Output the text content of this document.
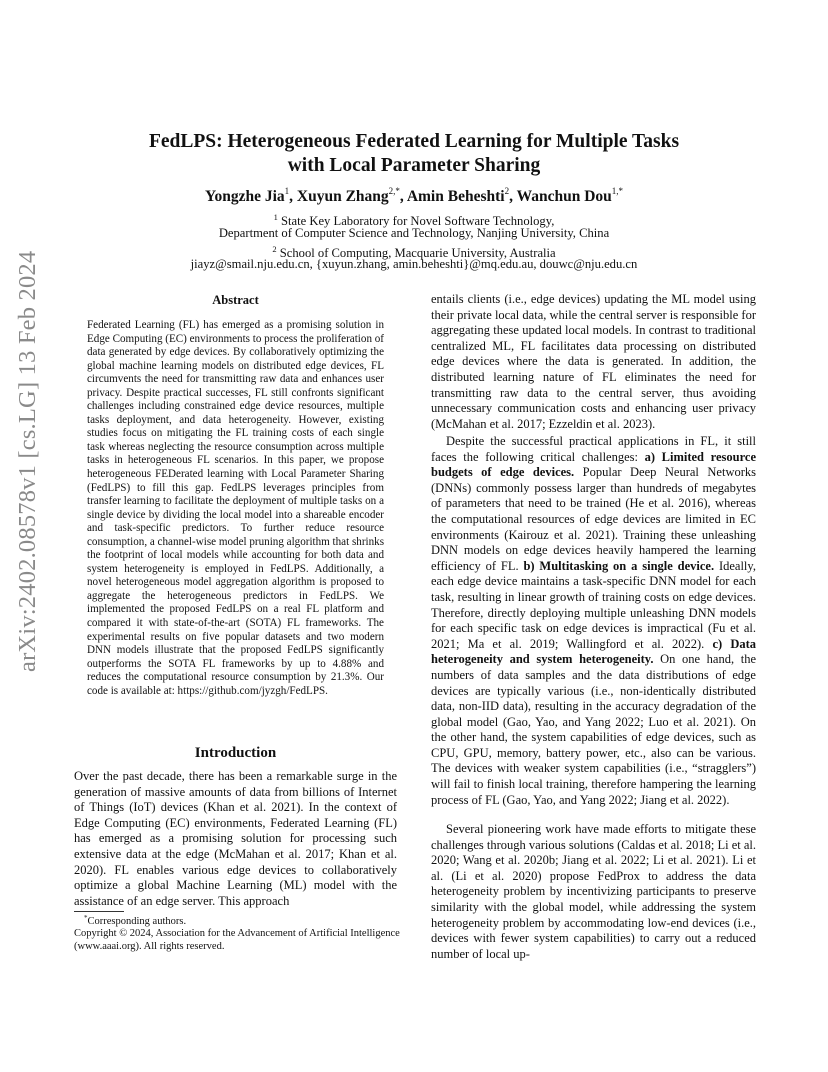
arXiv:2402.08578v1 [cs.LG] 13 Feb 2024
FedLPS: Heterogeneous Federated Learning for Multiple Tasks
with Local Parameter Sharing
Yongzhe Jia$^1$, Xuyun Zhang$^{2,*}$, Amin Beheshti$^2$, Wanchun Dou$^{1,*}$
$^1$ State Key Laboratory for Novel Software Technology,
Department of Computer Science and Technology, Nanjing University, China
$^2$ School of Computing, Macquarie University, Australia
jiayz@smail.nju.edu.cn, {xuyun.zhang, amin.beheshti}@mq.edu.au, douwc@nju.edu.cn
Abstract
Federated Learning (FL) has emerged as a promising solution in Edge Computing (EC) environments to process the proliferation of data generated by edge devices. By collaboratively optimizing the global machine learning models on distributed edge devices, FL circumvents the need for transmitting raw data and enhances user privacy. Despite practical successes, FL still confronts significant challenges including constrained edge device resources, multiple tasks deployment, and data heterogeneity. However, existing studies focus on mitigating the FL training costs of each single task whereas neglecting the resource consumption across multiple tasks in heterogeneous FL scenarios. In this paper, we propose heterogeneous FEDerated learning with Local Parameter Sharing (FedLPS) to fill this gap. FedLPS leverages principles from transfer learning to facilitate the deployment of multiple tasks on a single device by dividing the local model into a shareable encoder and task-specific predictors. To further reduce resource consumption, a channel-wise model pruning algorithm that shrinks the footprint of local models while accounting for both data and system heterogeneity is employed in FedLPS. Additionally, a novel heterogeneous model aggregation algorithm is proposed to aggregate the heterogeneous predictors in FedLPS. We implemented the proposed FedLPS on a real FL platform and compared it with state-of-the-art (SOTA) FL frameworks. The experimental results on five popular datasets and two modern DNN models illustrate that the proposed FedLPS significantly outperforms the SOTA FL frameworks by up to 4.88% and reduces the computational resource consumption by 21.3%. Our code is available at: https://github.com/jyzgh/FedLPS.
Introduction
Over the past decade, there has been a remarkable surge in the generation of massive amounts of data from billions of Internet of Things (IoT) devices (Khan et al. 2021). In the context of Edge Computing (EC) environments, Federated Learning (FL) has emerged as a promising solution for processing such extensive data at the edge (McMahan et al. 2017; Khan et al. 2020). FL enables various edge devices to collaboratively optimize a global Machine Learning (ML) model with the assistance of an edge server. This approach
*Corresponding authors.
Copyright © 2024, Association for the Advancement of Artificial Intelligence (www.aaai.org). All rights reserved.
entails clients (i.e., edge devices) updating the ML model using their private local data, while the central server is responsible for aggregating these updated local models. In contrast to traditional centralized ML, FL facilitates data processing on distributed edge devices where the data is generated. In addition, the distributed learning nature of FL eliminates the need for transmitting raw data to the central server, thus avoiding unnecessary communication costs and enhancing user privacy (McMahan et al. 2017; Ezzeldin et al. 2023).
Despite the successful practical applications in FL, it still faces the following critical challenges: a) Limited resource budgets of edge devices. Popular Deep Neural Networks (DNNs) commonly possess larger than hundreds of megabytes of parameters that need to be trained (He et al. 2016), whereas the computational resources of edge devices are limited in EC environments (Kairouz et al. 2021). Training these unleashing DNN models on edge devices heavily hampered the learning efficiency of FL. b) Multitasking on a single device. Ideally, each edge device maintains a task-specific DNN model for each task, resulting in linear growth of training costs on edge devices. Therefore, directly deploying multiple unleashing DNN models for each specific task on edge devices is impractical (Fu et al. 2021; Ma et al. 2019; Wallingford et al. 2022). c) Data heterogeneity and system heterogeneity. On one hand, the numbers of data samples and the data distributions of edge devices are typically various (i.e., non-identically distributed data, non-IID data), resulting in the accuracy degradation of the global model (Gao, Yao, and Yang 2022; Luo et al. 2021). On the other hand, the system capabilities of edge devices, such as CPU, GPU, memory, battery power, etc., also can be various. The devices with weaker system capabilities (i.e., “stragglers”) will fail to finish local training, therefore hampering the learning process of FL (Gao, Yao, and Yang 2022; Jiang et al. 2022).
Several pioneering work have made efforts to mitigate these challenges through various solutions (Caldas et al. 2018; Li et al. 2020; Wang et al. 2020b; Jiang et al. 2022; Li et al. 2021). Li et al. (Li et al. 2020) propose FedProx to address the data heterogeneity problem by incentivizing participants to preserve similarity with the global model, while addressing the system heterogeneity problem by accommodating low-end devices (i.e., devices with fewer system capabilities) to carry out a reduced number of local up-
